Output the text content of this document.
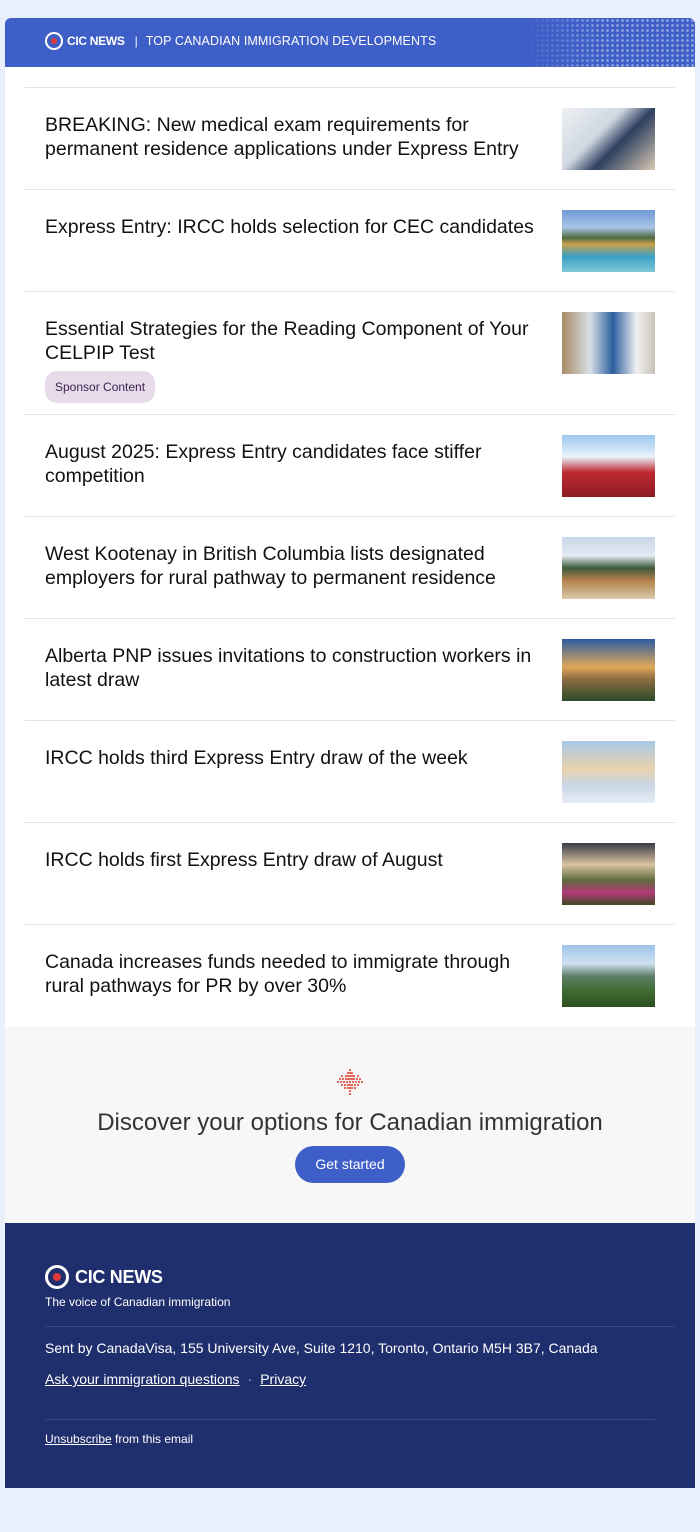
CIC NEWS | TOP CANADIAN IMMIGRATION DEVELOPMENTS
BREAKING: New medical exam requirements for permanent residence applications under Express Entry
Express Entry: IRCC holds selection for CEC candidates
Essential Strategies for the Reading Component of Your CELPIP Test
Sponsor Content
August 2025: Express Entry candidates face stiffer competition
West Kootenay in British Columbia lists designated employers for rural pathway to permanent residence
Alberta PNP issues invitations to construction workers in latest draw
IRCC holds third Express Entry draw of the week
IRCC holds first Express Entry draw of August
Canada increases funds needed to immigrate through rural pathways for PR by over 30%
Discover your options for Canadian immigration
Get started
CIC NEWS
The voice of Canadian immigration
Sent by CanadaVisa, 155 University Ave, Suite 1210, Toronto, Ontario M5H 3B7, Canada
Ask your immigration questions · Privacy
Unsubscribe from this email
